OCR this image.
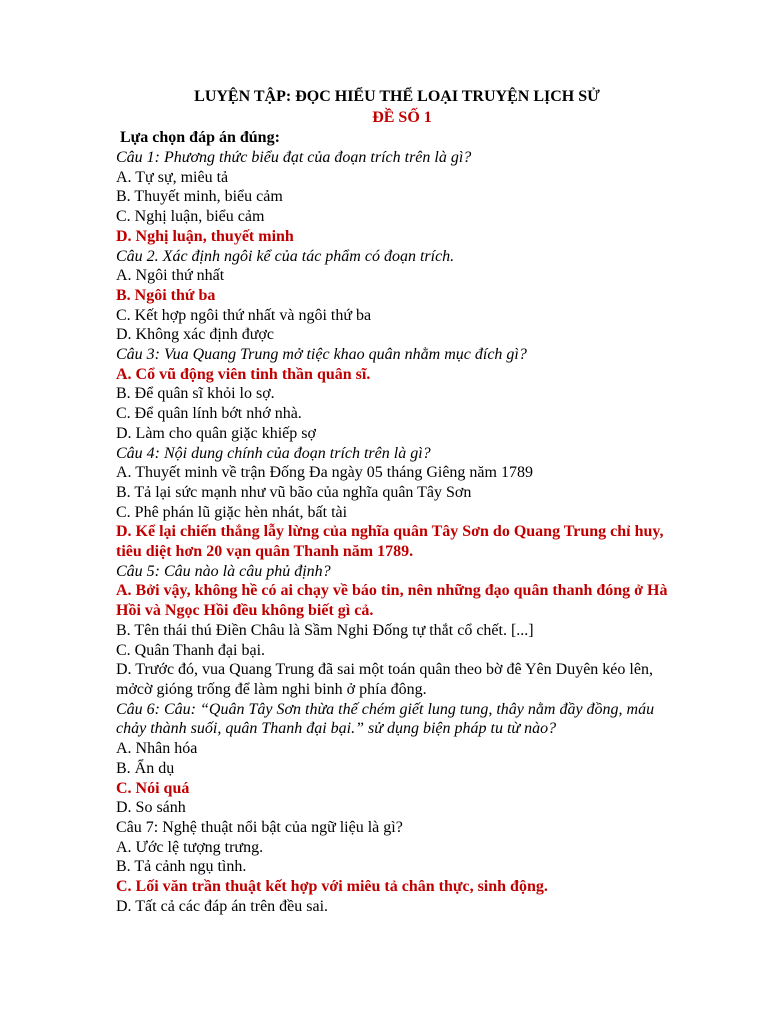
LUYỆN TẬP: ĐỌC HIỂU THỂ LOẠI TRUYỆN LỊCH SỬ

ĐỀ SỐ 1

Lựa chọn đáp án đúng:

Câu 1: Phương thức biểu đạt của đoạn trích trên là gì?

A. Tự sự, miêu tả

B. Thuyết minh, biểu cảm

C. Nghị luận, biểu cảm

D. Nghị luận, thuyết minh

Câu 2. Xác định ngôi kể của tác phẩm có đoạn trích.

A. Ngôi thứ nhất

B. Ngôi thứ ba

C. Kết hợp ngôi thứ nhất và ngôi thứ ba

D. Không xác định được

Câu 3: Vua Quang Trung mở tiệc khao quân nhằm mục đích gì?

A. Cổ vũ động viên tinh thần quân sĩ.

B. Để quân sĩ khỏi lo sợ.

C. Để quân lính bớt nhớ nhà.

D. Làm cho quân giặc khiếp sợ

Câu 4: Nội dung chính của đoạn trích trên là gì?

A. Thuyết minh về trận Đống Đa ngày 05 tháng Giêng năm 1789

B. Tả lại sức mạnh như vũ bão của nghĩa quân Tây Sơn

C. Phê phán lũ giặc hèn nhát, bất tài

D. Kể lại chiến thắng lẫy lừng của nghĩa quân Tây Sơn do Quang Trung chỉ huy, tiêu diệt hơn 20 vạn quân Thanh năm 1789.

Câu 5: Câu nào là câu phủ định?

A. Bởi vậy, không hề có ai chạy về báo tin, nên những đạo quân thanh đóng ở Hà Hồi và Ngọc Hồi đều không biết gì cả.

B. Tên thái thú Điền Châu là Sầm Nghi Đống tự thắt cổ chết. [...]

C. Quân Thanh đại bại.

D. Trước đó, vua Quang Trung đã sai một toán quân theo bờ đê Yên Duyên kéo lên, mởcờ gióng trống để làm nghi binh ở phía đông.

Câu 6: Câu: “Quân Tây Sơn thừa thế chém giết lung tung, thây nằm đầy đồng, máu chảy thành suối, quân Thanh đại bại.” sử dụng biện pháp tu từ nào?

A. Nhân hóa

B. Ẩn dụ

C. Nói quá

D. So sánh

Câu 7: Nghệ thuật nổi bật của ngữ liệu là gì?

A. Ước lệ tượng trưng.

B. Tả cảnh ngụ tình.

C. Lối văn trần thuật kết hợp với miêu tả chân thực, sinh động.

D. Tất cả các đáp án trên đều sai.
